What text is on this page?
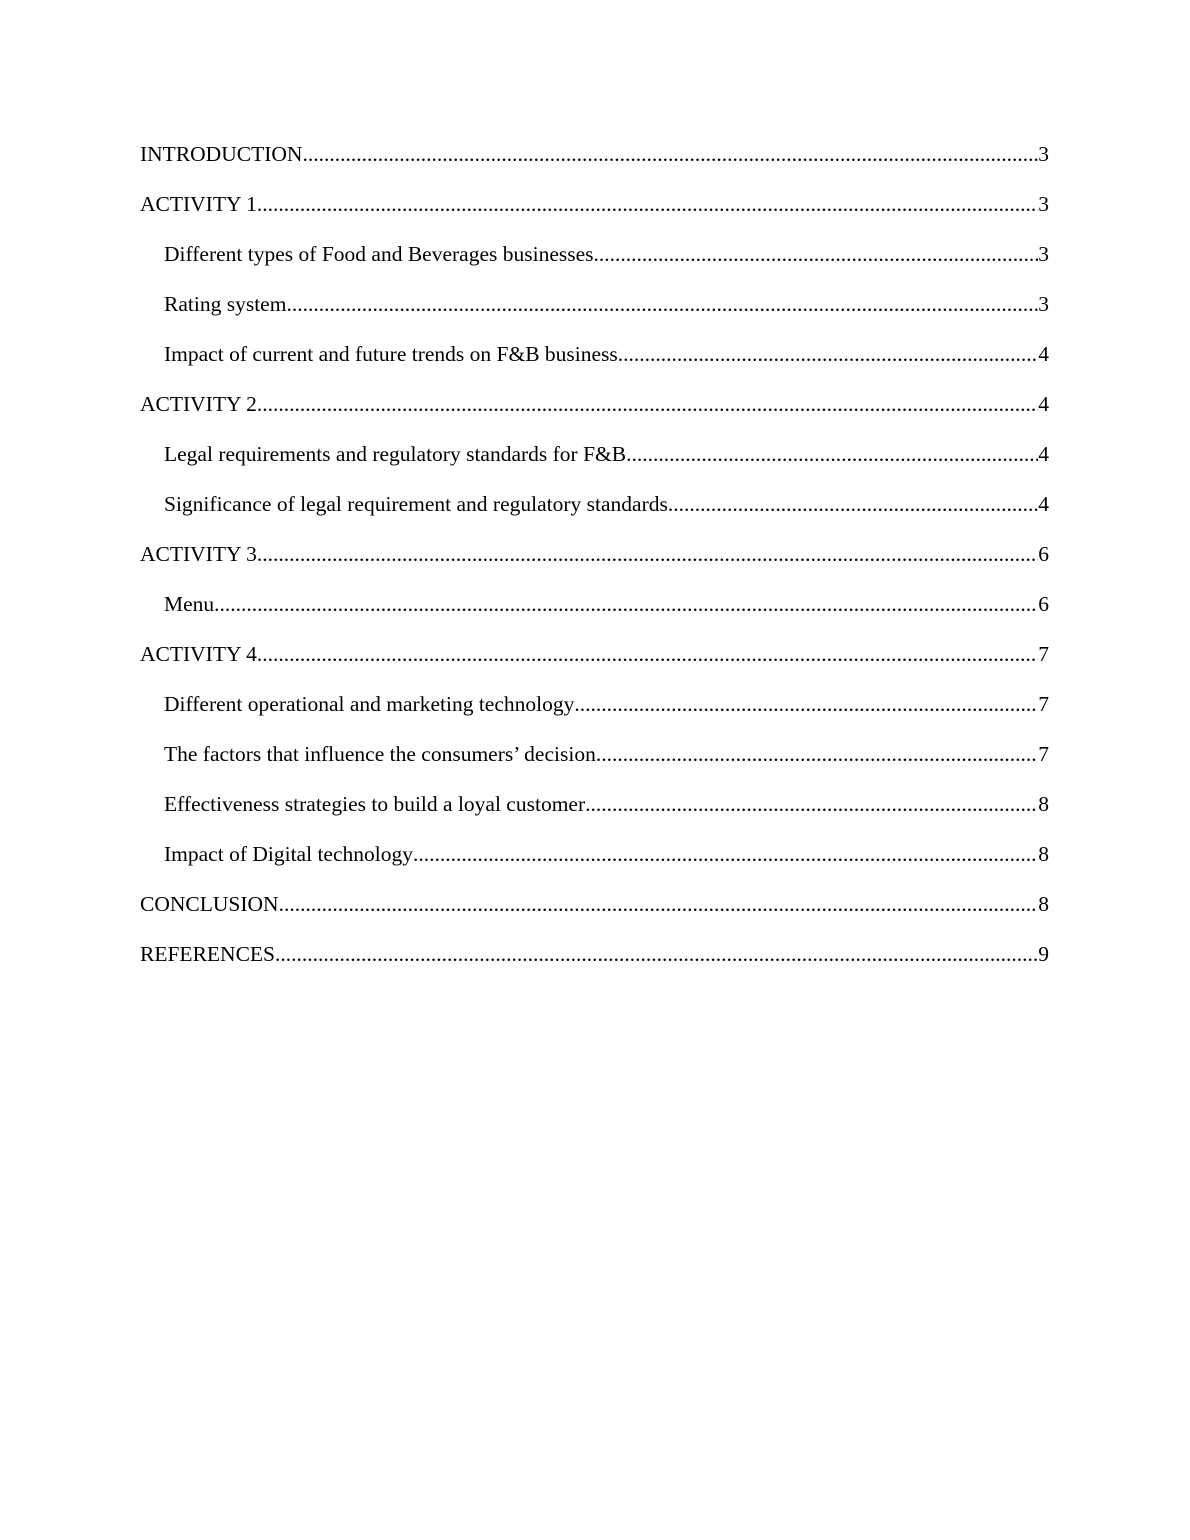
INTRODUCTION .....	3
ACTIVITY 1 .....	3
Different types of Food and Beverages businesses .....	3
Rating system .....	3
Impact of current and future trends on F&B business .....	4
ACTIVITY 2 .....	4
Legal requirements and regulatory standards for F&B .....	4
Significance of legal requirement and regulatory standards .....	4
ACTIVITY 3 .....	6
Menu .....	6
ACTIVITY 4 .....	7
Different operational and marketing technology .....	7
The factors that influence the consumers’ decision .....	7
Effectiveness strategies to build a loyal customer .....	8
Impact of Digital technology .....	8
CONCLUSION .....	8
REFERENCES .....	9
